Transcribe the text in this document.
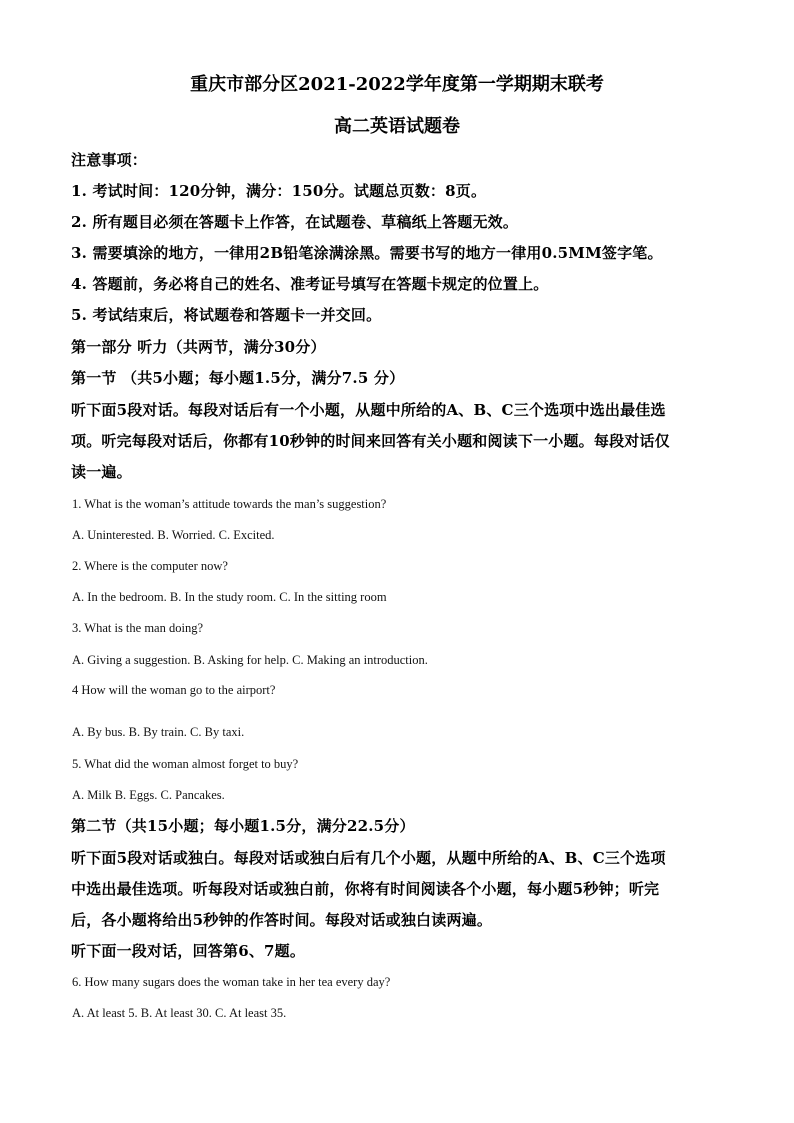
重庆市部分区2021-2022学年度第一学期期末联考
高二英语试题卷
注意事项：
1. 考试时间：120分钟，满分：150分。试题总页数：8页。
2. 所有题目必须在答题卡上作答，在试题卷、草稿纸上答题无效。
3. 需要填涂的地方，一律用2B铅笔涂满涂黑。需要书写的地方一律用0.5MM签字笔。
4. 答题前，务必将自己的姓名、准考证号填写在答题卡规定的位置上。
5. 考试结束后，将试题卷和答题卡一并交回。
第一部分 听力（共两节，满分30分）
第一节 （共5小题；每小题1.5分，满分7.5 分）
听下面5段对话。每段对话后有一个小题，从题中所给的A、B、C三个选项中选出最佳选
项。听完每段对话后，你都有10秒钟的时间来回答有关小题和阅读下一小题。每段对话仅
读一遍。
1. What is the woman’s attitude towards the man’s suggestion?
A. Uninterested. B. Worried. C. Excited.
2. Where is the computer now?
A. In the bedroom. B. In the study room. C. In the sitting room
3. What is the man doing?
A. Giving a suggestion. B. Asking for help. C. Making an introduction.
4 How will the woman go to the airport?
A. By bus. B. By train. C. By taxi.
5. What did the woman almost forget to buy?
A. Milk B. Eggs. C. Pancakes.
第二节（共15小题；每小题1.5分，满分22.5分）
听下面5段对话或独白。每段对话或独白后有几个小题，从题中所给的A、B、C三个选项
中选出最佳选项。听每段对话或独白前，你将有时间阅读各个小题，每小题5秒钟；听完
后，各小题将给出5秒钟的作答时间。每段对话或独白读两遍。
听下面一段对话，回答第6、7题。
6. How many sugars does the woman take in her tea every day?
A. At least 5. B. At least 30. C. At least 35.
